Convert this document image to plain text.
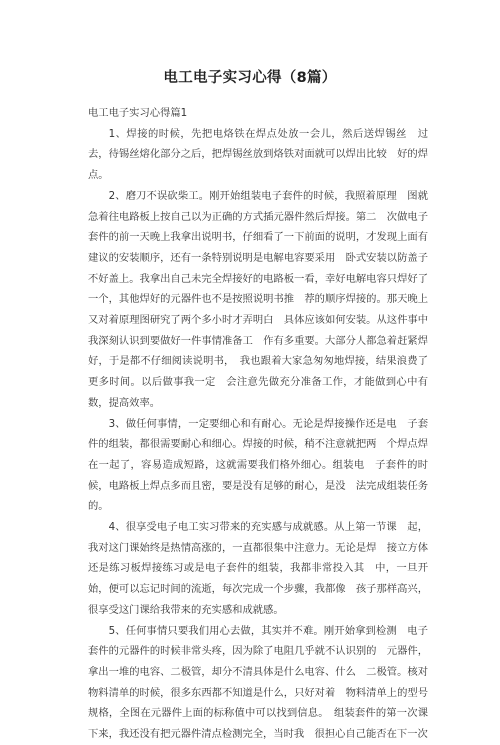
电工电子实习心得（8篇）

电工电子实习心得篇1

1、焊接的时候，先把电烙铁在焊点处放一会儿，然后送焊锡丝　过去，待锡丝熔化部分之后，把焊锡丝放到烙铁对面就可以焊出比较　好的焊点。

2、磨刀不误砍柴工。刚开始组装电子套件的时候，我照着原理　图就急着往电路板上按自己以为正确的方式插元器件然后焊接。第二　次做电子套件的前一天晚上我拿出说明书，仔细看了一下前面的说明，才发现上面有建议的安装顺序，还有一条特别说明是电解电容要采用　卧式安装以防盖子不好盖上。我拿出自己未完全焊接好的电路板一看，幸好电解电容只焊好了一个，其他焊好的元器件也不是按照说明书推　荐的顺序焊接的。那天晚上又对着原理图研究了两个多小时才弄明白　具体应该如何安装。从这件事中我深刻认识到要做好一件事情准备工　作有多重要。大部分人都急着赶紧焊好，于是都不仔细阅读说明书，　我也跟着大家急匆匆地焊接，结果浪费了更多时间。以后做事我一定　会注意先做充分准备工作，才能做到心中有数，提高效率。

3、做任何事情，一定要细心和有耐心。无论是焊接操作还是电　子套件的组装，都很需要耐心和细心。焊接的时候，稍不注意就把两　个焊点焊在一起了，容易造成短路，这就需要我们格外细心。组装电　子套件的时候，电路板上焊点多而且密，要是没有足够的耐心，是没　法完成组装任务的。

4、很享受电子电工实习带来的充实感与成就感。从上第一节课　起，我对这门课始终是热情高涨的，一直都很集中注意力。无论是焊　接立方体还是练习板焊接练习或是电子套件的组装，我都非常投入其　中，一旦开始，便可以忘记时间的流逝，每次完成一个步骤，我都像　孩子那样高兴，很享受这门课给我带来的充实感和成就感。

5、任何事情只要我们用心去做，其实并不难。刚开始拿到检测　电子套件的元器件的时候非常头疼，因为除了电阻几乎就不认识别的　元器件，拿出一堆的电容、二极管，却分不清具体是什么电容、什么　二极管。核对物料清单的时候，很多东西都不知道是什么，只好对着　物料清单上的型号规格，全图在元器件上面的标称值中可以找到信息。　组装套件的第一次课下来，我还没有把元器件清点检测完全，当时我　很担心自己能否在下一次
